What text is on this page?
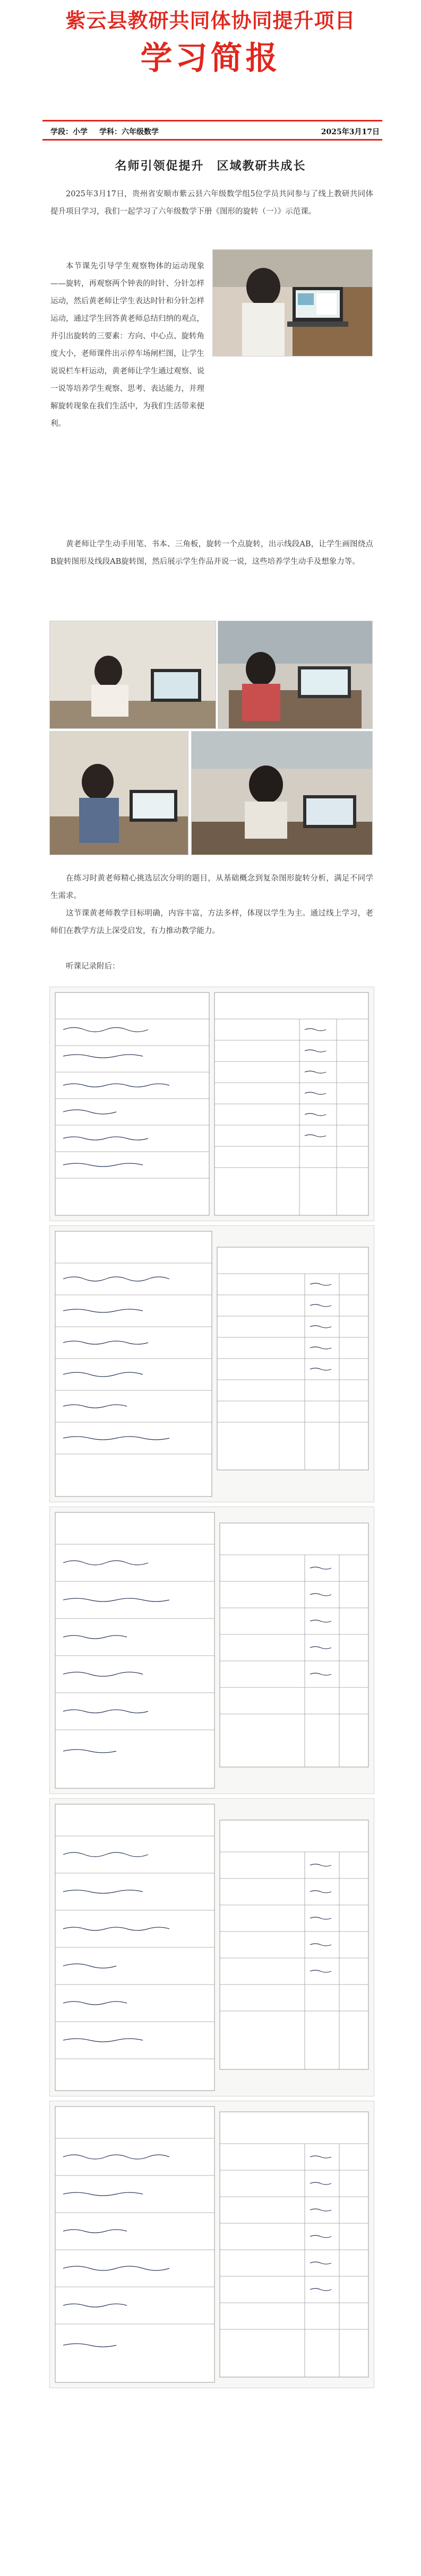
紫云县教研共同体协同提升项目
学习简报
学段：小学 学科：六年级数学	2025年3月17日
名师引领促提升　区域教研共成长

2025年3月17日，贵州省安顺市紫云县六年级数学组5位学员共同参与了线上教研共同体提升项目学习，我们一起学习了六年级数学下册《图形的旋转（一）》示范课。

本节课先引导学生观察物体的运动现象——旋转，再观察两个钟表的时针、分针怎样运动，然后黄老师让学生表达时针和分针怎样运动，通过学生回答黄老师总结归纳的观点，并引出旋转的三要素：方向、中心点、旋转角度大小，老师课件出示停车场闸栏图，让学生说说栏车杆运动，黄老师让学生通过观察、说一说等培养学生观察、思考、表达能力，并理解旋转现象在我们生活中，为我们生活带来便利。

黄老师让学生动手用笔、书本、三角板，旋转一个点旋转，出示线段AB，让学生画图绕点B旋转图形及线段AB旋转图，然后展示学生作品并说一说，这些培养学生动手及想象力等。

在练习时黄老师精心挑选层次分明的题目，从基础概念到复杂图形旋转分析，满足不同学生需求。

这节课黄老师教学目标明确，内容丰富，方法多样，体现以学生为主。通过线上学习，老师们在教学方法上深受启发，有力推动教学能力。

听课记录附后：
